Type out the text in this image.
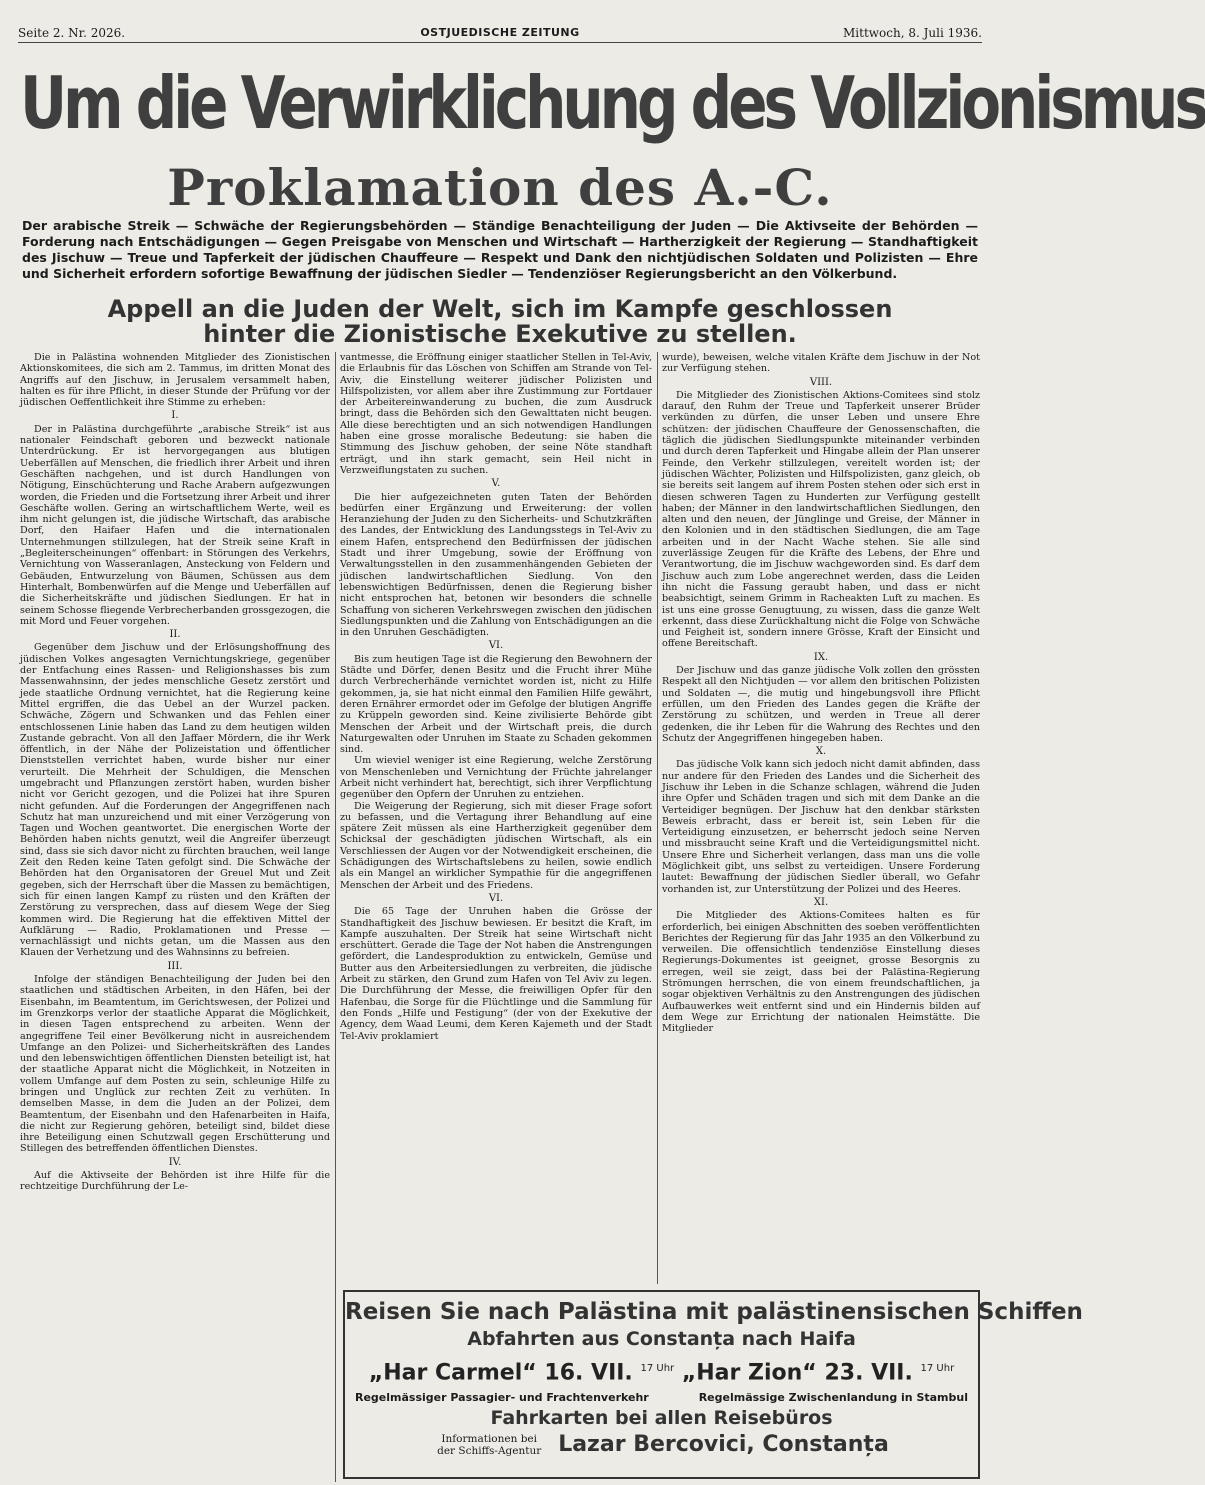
Seite 2. Nr. 2026.	OSTJUEDISCHE ZEITUNG	Mittwoch, 8. Juli 1936.
Um die Verwirklichung des Vollzionismus
Proklamation des A.-C.
Der arabische Streik — Schwäche der Regierungsbehörden — Ständige Benachteiligung der Juden — Die Aktivseite der Behörden — Forderung nach Entschädigungen — Gegen Preisgabe von Menschen und Wirtschaft — Hartherzigkeit der Regierung — Standhaftigkeit des Jischuw — Treue und Tapferkeit der jüdischen Chauffeure — Respekt und Dank den nichtjüdischen Soldaten und Polizisten — Ehre und Sicherheit erfordern sofortige Bewaffnung der jüdischen Siedler — Tendenziöser Regierungsbericht an den Völkerbund.
Appell an die Juden der Welt, sich im Kampfe geschlossen
hinter die Zionistische Exekutive zu stellen.

Die in Palästina wohnenden Mitglieder des Zionistischen Aktionskomitees, die sich am 2. Tammus, im dritten Monat des Angriffs auf den Jischuw, in Jerusalem versammelt haben, halten es für ihre Pflicht, in dieser Stunde der Prüfung vor der jüdischen Oeffentlichkeit ihre Stimme zu erheben:

I.

Der in Palästina durchgeführte „arabische Streik“ ist aus nationaler Feindschaft geboren und bezweckt nationale Unterdrückung. Er ist hervorgegangen aus blutigen Ueberfällen auf Menschen, die friedlich ihrer Arbeit und ihren Geschäften nachgehen, und ist durch Handlungen von Nötigung, Einschüchterung und Rache Arabern aufgezwungen worden, die Frieden und die Fortsetzung ihrer Arbeit und ihrer Geschäfte wollen. Gering an wirtschaftlichem Werte, weil es ihm nicht gelungen ist, die jüdische Wirtschaft, das arabische Dorf, den Haifaer Hafen und die internationalen Unternehmungen stillzulegen, hat der Streik seine Kraft in „Begleiterscheinungen“ offenbart: in Störungen des Verkehrs, Vernichtung von Wasseranlagen, Ansteckung von Feldern und Gebäuden, Entwurzelung von Bäumen, Schüssen aus dem Hinterhalt, Bombenwürfen auf die Menge und Ueberfällen auf die Sicherheitskräfte und jüdischen Siedlungen. Er hat in seinem Schosse fliegende Verbrecherbanden grossgezogen, die mit Mord und Feuer vorgehen.

II.

Gegenüber dem Jischuw und der Erlösungshoffnung des jüdischen Volkes angesagten Vernichtungskriege, gegenüber der Entfachung eines Rassen- und Religionshasses bis zum Massenwahnsinn, der jedes menschliche Gesetz zerstört und jede staatliche Ordnung vernichtet, hat die Regierung keine Mittel ergriffen, die das Uebel an der Wurzel packen. Schwäche, Zögern und Schwanken und das Fehlen einer entschlossenen Linie haben das Land zu dem heutigen wilden Zustande gebracht. Von all den Jaffaer Mördern, die ihr Werk öffentlich, in der Nähe der Polizeistation und öffentlicher Dienststellen verrichtet haben, wurde bisher nur einer verurteilt. Die Mehrheit der Schuldigen, die Menschen umgebracht und Pflanzungen zerstört haben, wurden bisher nicht vor Gericht gezogen, und die Polizei hat ihre Spuren nicht gefunden. Auf die Forderungen der Angegriffenen nach Schutz hat man unzureichend und mit einer Verzögerung von Tagen und Wochen geantwortet. Die energischen Worte der Behörden haben nichts genutzt, weil die Angreifer überzeugt sind, dass sie sich davor nicht zu fürchten brauchen, weil lange Zeit den Reden keine Taten gefolgt sind. Die Schwäche der Behörden hat den Organisatoren der Greuel Mut und Zeit gegeben, sich der Herrschaft über die Massen zu bemächtigen, sich für einen langen Kampf zu rüsten und den Kräften der Zerstörung zu versprechen, dass auf diesem Wege der Sieg kommen wird. Die Regierung hat die effektiven Mittel der Aufklärung — Radio, Proklamationen und Presse — vernachlässigt und nichts getan, um die Massen aus den Klauen der Verhetzung und des Wahnsinns zu befreien.

III.

Infolge der ständigen Benachteiligung der Juden bei den staatlichen und städtischen Arbeiten, in den Häfen, bei der Eisenbahn, im Beamtentum, im Gerichtswesen, der Polizei und im Grenzkorps verlor der staatliche Apparat die Möglichkeit, in diesen Tagen entsprechend zu arbeiten. Wenn der angegriffene Teil einer Bevölkerung nicht in ausreichendem Umfange an den Polizei- und Sicherheitskräften des Landes und den lebenswichtigen öffentlichen Diensten beteiligt ist, hat der staatliche Apparat nicht die Möglichkeit, in Notzeiten in vollem Umfange auf dem Posten zu sein, schleunige Hilfe zu bringen und Unglück zur rechten Zeit zu verhüten. In demselben Masse, in dem die Juden an der Polizei, dem Beamtentum, der Eisenbahn und den Hafenarbeiten in Haifa, die nicht zur Regierung gehören, beteiligt sind, bildet diese ihre Beteiligung einen Schutzwall gegen Erschütterung und Stillegen des betreffenden öffentlichen Dienstes.

IV.

Auf die Aktivseite der Behörden ist ihre Hilfe für die rechtzeitige Durchführung der Le-

vantmesse, die Eröffnung einiger staatlicher Stellen in Tel-Aviv, die Erlaubnis für das Löschen von Schiffen am Strande von Tel-Aviv, die Einstellung weiterer jüdischer Polizisten und Hilfspolizisten, vor allem aber ihre Zustimmung zur Fortdauer der Arbeitereinwanderung zu buchen, die zum Ausdruck bringt, dass die Behörden sich den Gewalttaten nicht beugen. Alle diese berechtigten und an sich notwendigen Handlungen haben eine grosse moralische Bedeutung: sie haben die Stimmung des Jischuw gehoben, der seine Nöte standhaft erträgt, und ihn stark gemacht, sein Heil nicht in Verzweiflungstaten zu suchen.

V.

Die hier aufgezeichneten guten Taten der Behörden bedürfen einer Ergänzung und Erweiterung: der vollen Heranziehung der Juden zu den Sicherheits- und Schutzkräften des Landes, der Entwicklung des Landungsstegs in Tel-Aviv zu einem Hafen, entsprechend den Bedürfnissen der jüdischen Stadt und ihrer Umgebung, sowie der Eröffnung von Verwaltungsstellen in den zusammenhängenden Gebieten der jüdischen landwirtschaftlichen Siedlung. Von den lebenswichtigen Bedürfnissen, denen die Regierung bisher nicht entsprochen hat, betonen wir besonders die schnelle Schaffung von sicheren Verkehrswegen zwischen den jüdischen Siedlungspunkten und die Zahlung von Entschädigungen an die in den Unruhen Geschädigten.

VI.

Bis zum heutigen Tage ist die Regierung den Bewohnern der Städte und Dörfer, denen Besitz und die Frucht ihrer Mühe durch Verbrecherhände vernichtet worden ist, nicht zu Hilfe gekommen, ja, sie hat nicht einmal den Familien Hilfe gewährt, deren Ernährer ermordet oder im Gefolge der blutigen Angriffe zu Krüppeln geworden sind. Keine zivilisierte Behörde gibt Menschen der Arbeit und der Wirtschaft preis, die durch Naturgewalten oder Unruhen im Staate zu Schaden gekommen sind.

Um wieviel weniger ist eine Regierung, welche Zerstörung von Menschenleben und Vernichtung der Früchte jahrelanger Arbeit nicht verhindert hat, berechtigt, sich ihrer Verpflichtung gegenüber den Opfern der Unruhen zu entziehen.

Die Weigerung der Regierung, sich mit dieser Frage sofort zu befassen, und die Vertagung ihrer Behandlung auf eine spätere Zeit müssen als eine Hartherzigkeit gegenüber dem Schicksal der geschädigten jüdischen Wirtschaft, als ein Verschliessen der Augen vor der Notwendigkeit erscheinen, die Schädigungen des Wirtschaftslebens zu heilen, sowie endlich als ein Mangel an wirklicher Sympathie für die angegriffenen Menschen der Arbeit und des Friedens.

VI.

Die 65 Tage der Unruhen haben die Grösse der Standhaftigkeit des Jischuw bewiesen. Er besitzt die Kraft, im Kampfe auszuhalten. Der Streik hat seine Wirtschaft nicht erschüttert. Gerade die Tage der Not haben die Anstrengungen gefördert, die Landesproduktion zu entwickeln, Gemüse und Butter aus den Arbeitersiedlungen zu verbreiten, die jüdische Arbeit zu stärken, den Grund zum Hafen von Tel Aviv zu legen. Die Durchführung der Messe, die freiwilligen Opfer für den Hafenbau, die Sorge für die Flüchtlinge und die Sammlung für den Fonds „Hilfe und Festigung“ (der von der Exekutive der Agency, dem Waad Leumi, dem Keren Kajemeth und der Stadt Tel-Aviv proklamiert

wurde), beweisen, welche vitalen Kräfte dem Jischuw in der Not zur Verfügung stehen.

VIII.

Die Mitglieder des Zionistischen Aktions-Comitees sind stolz darauf, den Ruhm der Treue und Tapferkeit unserer Brüder verkünden zu dürfen, die unser Leben und unsere Ehre schützen: der jüdischen Chauffeure der Genossenschaften, die täglich die jüdischen Siedlungspunkte miteinander verbinden und durch deren Tapferkeit und Hingabe allein der Plan unserer Feinde, den Verkehr stillzulegen, vereitelt worden ist; der jüdischen Wächter, Polizisten und Hilfspolizisten, ganz gleich, ob sie bereits seit langem auf ihrem Posten stehen oder sich erst in diesen schweren Tagen zu Hunderten zur Verfügung gestellt haben; der Männer in den landwirtschaftlichen Siedlungen, den alten und den neuen, der Jünglinge und Greise, der Männer in den Kolonien und in den städtischen Siedlungen, die am Tage arbeiten und in der Nacht Wache stehen. Sie alle sind zuverlässige Zeugen für die Kräfte des Lebens, der Ehre und Verantwortung, die im Jischuw wachgeworden sind. Es darf dem Jischuw auch zum Lobe angerechnet werden, dass die Leiden ihn nicht die Fassung geraubt haben, und dass er nicht beabsichtigt, seinem Grimm in Racheakten Luft zu machen. Es ist uns eine grosse Genugtuung, zu wissen, dass die ganze Welt erkennt, dass diese Zurückhaltung nicht die Folge von Schwäche und Feigheit ist, sondern innere Grösse, Kraft der Einsicht und offene Bereitschaft.

IX.

Der Jischuw und das ganze jüdische Volk zollen den grössten Respekt all den Nichtjuden — vor allem den britischen Polizisten und Soldaten —, die mutig und hingebungsvoll ihre Pflicht erfüllen, um den Frieden des Landes gegen die Kräfte der Zerstörung zu schützen, und werden in Treue all derer gedenken, die ihr Leben für die Wahrung des Rechtes und den Schutz der Angegriffenen hingegeben haben.

X.

Das jüdische Volk kann sich jedoch nicht damit abfinden, dass nur andere für den Frieden des Landes und die Sicherheit des Jischuw ihr Leben in die Schanze schlagen, während die Juden ihre Opfer und Schäden tragen und sich mit dem Danke an die Verteidiger begnügen. Der Jischuw hat den denkbar stärksten Beweis erbracht, dass er bereit ist, sein Leben für die Verteidigung einzusetzen, er beherrscht jedoch seine Nerven und missbraucht seine Kraft und die Verteidigungsmittel nicht. Unsere Ehre und Sicherheit verlangen, dass man uns die volle Möglichkeit gibt, uns selbst zu verteidigen. Unsere Forderung lautet: Bewaffnung der jüdischen Siedler überall, wo Gefahr vorhanden ist, zur Unterstützung der Polizei und des Heeres.

XI.

Die Mitglieder des Aktions-Comitees halten es für erforderlich, bei einigen Abschnitten des soeben veröffentlichten Berichtes der Regierung für das Jahr 1935 an den Völkerbund zu verweilen. Die offensichtlich tendenziöse Einstellung dieses Regierungs-Dokumentes ist geeignet, grosse Besorgnis zu erregen, weil sie zeigt, dass bei der Palästina-Regierung Strömungen herrschen, die von einem freundschaftlichen, ja sogar objektiven Verhältnis zu den Anstrengungen des jüdischen Aufbauwerkes weit entfernt sind und ein Hindernis bilden auf dem Wege zur Errichtung der nationalen Heimstätte. Die Mitglieder

Reisen Sie nach Palästina mit palästinensischen Schiffen
Abfahrten aus Constanța nach Haifa
„Har Carmel“ 16. VII. $^{17 Uhr}$ „Har Zion“ 23. VII. $^{17 Uhr}$
Regelmässiger Passagier- und Frachtenverkehr	Regelmässige Zwischenlandung in Stambul
Fahrkarten bei allen Reisebüros
Informationen bei der Schiffs-Agentur Lazar Bercovici, Constanța
